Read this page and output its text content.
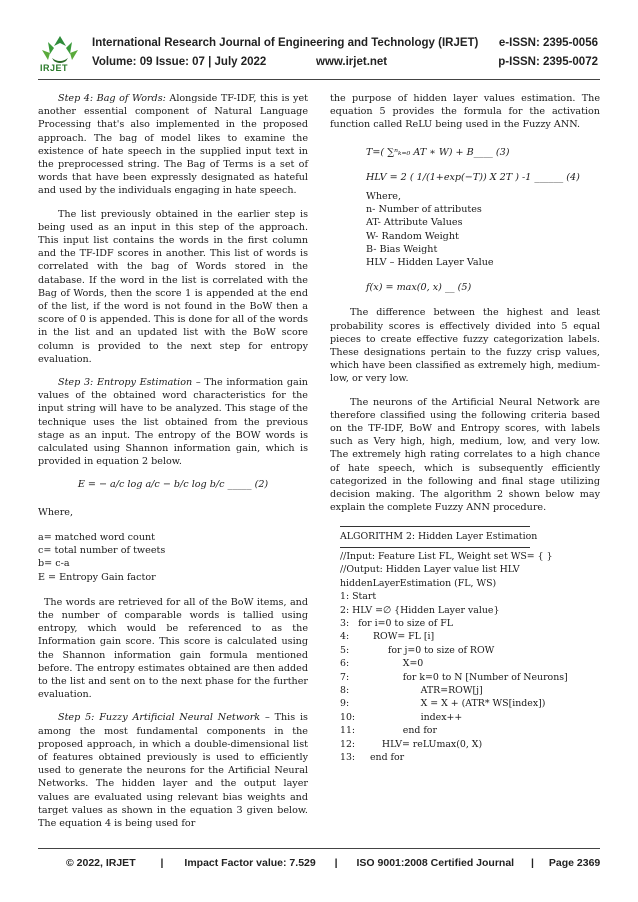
IRJET
International Research Journal of Engineering and Technology (IRJET) e-ISSN: 2395-0056
Volume: 09 Issue: 07 | July 2022	www.irjet.net	p-ISSN: 2395-0072

Step 4: Bag of Words: Alongside TF-IDF, this is yet another essential component of Natural Language Processing that's also implemented in the proposed approach. The bag of model likes to examine the existence of hate speech in the supplied input text in the preprocessed string. The Bag of Terms is a set of words that have been expressly designated as hateful and used by the individuals engaging in hate speech.

The list previously obtained in the earlier step is being used as an input in this step of the approach. This input list contains the words in the first column and the TF-IDF scores in another. This list of words is correlated with the bag of Words stored in the database. If the word in the list is correlated with the Bag of Words, then the score 1 is appended at the end of the list, if the word is not found in the BoW then a score of 0 is appended. This is done for all of the words in the list and an updated list with the BoW score column is provided to the next step for entropy evaluation.

Step 3: Entropy Estimation – The information gain values of the obtained word characteristics for the input string will have to be analyzed. This stage of the technique uses the list obtained from the previous stage as an input. The entropy of the BOW words is calculated using Shannon information gain, which is provided in equation 2 below.

E = − a/c log a/c − b/c log b/c _____ (2)

Where,

a= matched word count
c= total number of tweets
b= c-a
E = Entropy Gain factor

The words are retrieved for all of the BoW items, and the number of comparable words is tallied using entropy, which would be referenced to as the Information gain score. This score is calculated using the Shannon information gain formula mentioned before. The entropy estimates obtained are then added to the list and sent on to the next phase for the further evaluation.

Step 5: Fuzzy Artificial Neural Network – This is among the most fundamental components in the proposed approach, in which a double-dimensional list of features obtained previously is used to efficiently used to generate the neurons for the Artificial Neural Networks. The hidden layer and the output layer values are evaluated using relevant bias weights and target values as shown in the equation 3 given below. The equation 4 is being used for

the purpose of hidden layer values estimation. The equation 5 provides the formula for the activation function called ReLU being used in the Fuzzy ANN.

T=( ∑ⁿₖ₌₀ AT ∗ W) + B____ (3)
HLV = 2 ( 1/(1+exp(−T)) X 2T ) -1 ______ (4)
Where,
n- Number of attributes
AT- Attribute Values
W- Random Weight
B- Bias Weight
HLV – Hidden Layer Value
f(x) = max(0, x) __ (5)

The difference between the highest and least probability scores is effectively divided into 5 equal pieces to create effective fuzzy categorization labels. These designations pertain to the fuzzy crisp values, which have been classified as extremely high, medium-low, or very low.

The neurons of the Artificial Neural Network are therefore classified using the following criteria based on the TF-IDF, BoW and Entropy scores, with labels such as Very high, high, medium, low, and very low. The extremely high rating correlates to a high chance of hate speech, which is subsequently efficiently categorized in the following and final stage utilizing decision making. The algorithm 2 shown below may explain the complete Fuzzy ANN procedure.

ALGORITHM 2: Hidden Layer Estimation
//Input: Feature List FL, Weight set WS= { }
//Output: Hidden Layer value list HLV
hiddenLayerEstimation (FL, WS)
1: Start
2: HLV =∅ {Hidden Layer value}
3:   for i=0 to size of FL
4:        ROW= FL [i]
5:             for j=0 to size of ROW
6:                  X=0
7:                  for k=0 to N [Number of Neurons]
8:                        ATR=ROW[j]
9:                        X = X + (ATR* WS[index])
10:                      index++
11:                end for
12:         HLV= reLUmax(0, X)
13:     end for
© 2022, IRJET | Impact Factor value: 7.529 | ISO 9001:2008 Certified Journal | Page 2369
